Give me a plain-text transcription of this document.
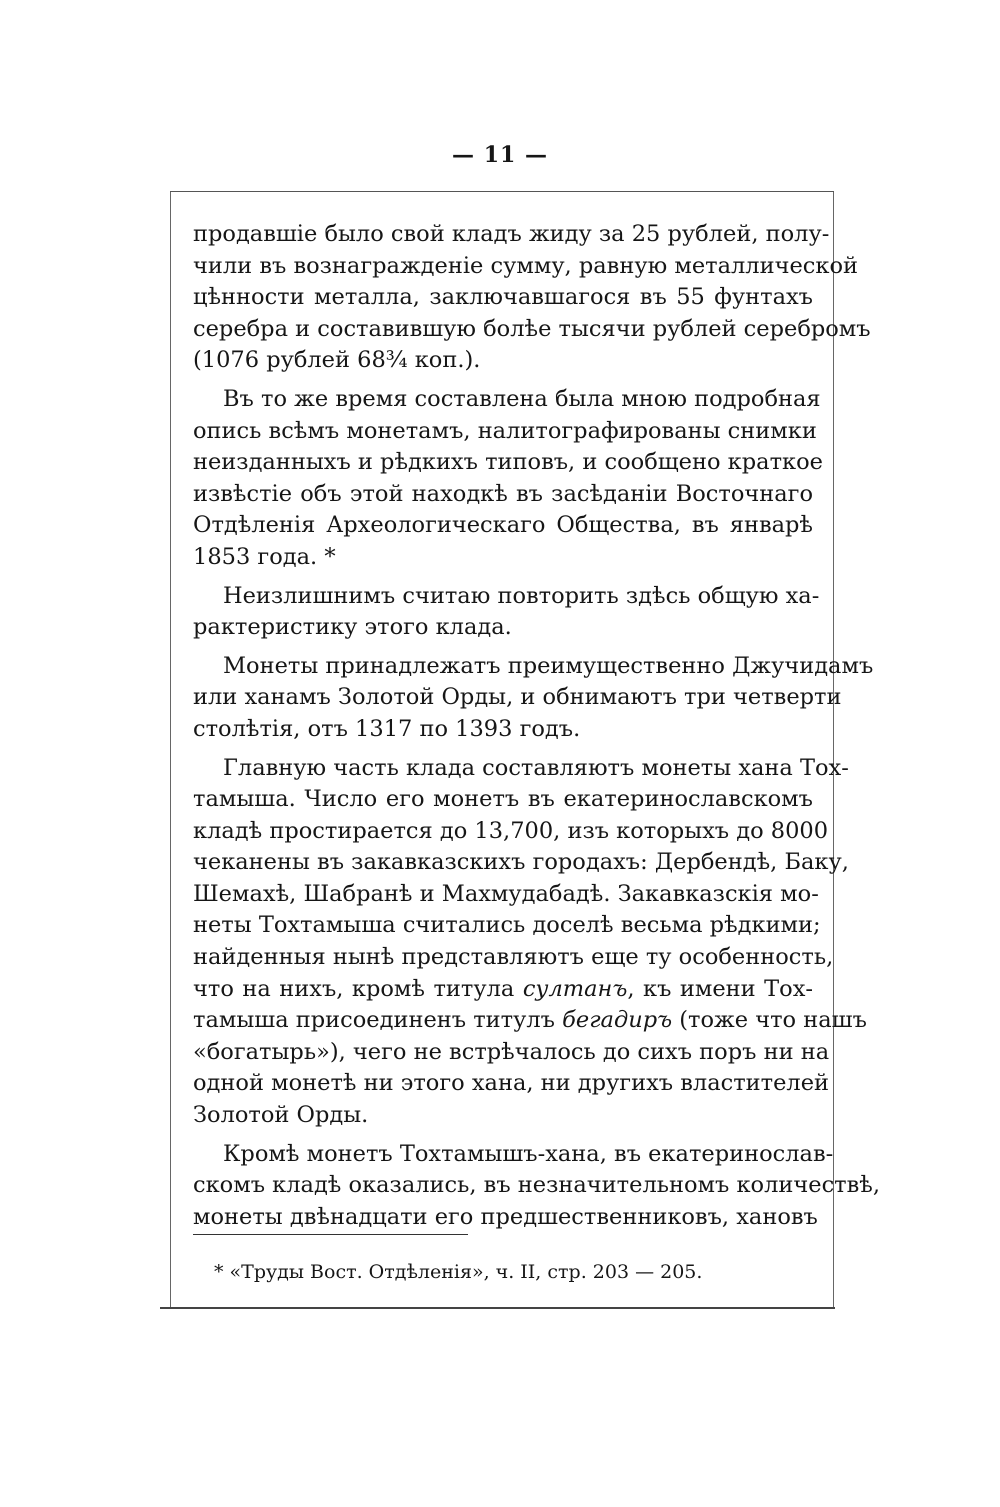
— 11 —
продавшіе было свой кладъ жиду за 25 рублей, полу-
чили въ вознагражденіе сумму, равную металлической
цѣнности металла, заключавшагося въ 55 фунтахъ
серебра и составившую болѣе тысячи рублей серебромъ
(1076 рублей 68¾ коп.).
Въ то же время составлена была мною подробная
опись всѣмъ монетамъ, налитографированы снимки
неизданныхъ и рѣдкихъ типовъ, и сообщено краткое
извѣстіе объ этой находкѣ въ засѣданіи Восточнаго
Отдѣленія Археологическаго Общества, въ январѣ
1853 года. *
Неизлишнимъ считаю повторить здѣсь общую ха-
рактеристику этого клада.
Монеты принадлежатъ преимущественно Джучидамъ
или ханамъ Золотой Орды, и обнимаютъ три четверти
столѣтія, отъ 1317 по 1393 годъ.
Главную часть клада составляютъ монеты хана Тох-
тамыша. Число его монетъ въ екатеринославскомъ
кладѣ простирается до 13,700, изъ которыхъ до 8000
чеканены въ закавказскихъ городахъ: Дербендѣ, Баку,
Шемахѣ, Шабранѣ и Махмудабадѣ. Закавказскія мо-
неты Тохтамыша считались доселѣ весьма рѣдкими;
найденныя нынѣ представляютъ еще ту особенность,
что на нихъ, кромѣ титула султанъ, къ имени Тох-
тамыша присоединенъ титулъ бегадиръ (тоже что нашъ
«богатырь»), чего не встрѣчалось до сихъ поръ ни на
одной монетѣ ни этого хана, ни другихъ властителей
Золотой Орды.
Кромѣ монетъ Тохтамышъ-хана, въ екатеринослав-
скомъ кладѣ оказались, въ незначительномъ количествѣ,
монеты двѣнадцати его предшественниковъ, хановъ
* «Труды Вост. Отдѣленія», ч. II, стр. 203 — 205.
